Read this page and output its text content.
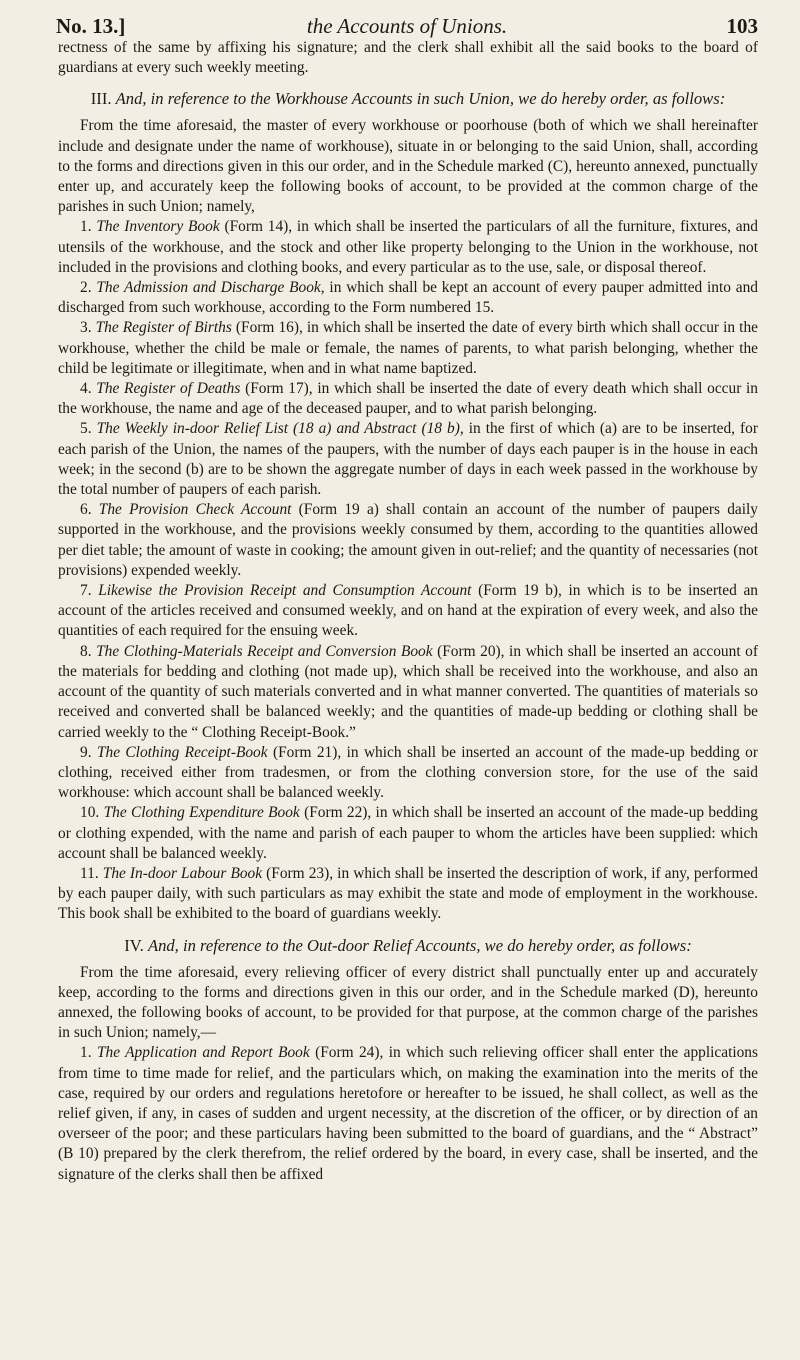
No. 13.]	the Accounts of Unions.	103

rectness of the same by affixing his signature; and the clerk shall exhibit all the said books to the board of guardians at every such weekly meeting.

III. And, in reference to the Workhouse Accounts in such Union, we do hereby order, as follows:

From the time aforesaid, the master of every workhouse or poorhouse (both of which we shall hereinafter include and designate under the name of workhouse), situate in or belonging to the said Union, shall, according to the forms and directions given in this our order, and in the Schedule marked (C), hereunto annexed, punctually enter up, and accurately keep the following books of account, to be provided at the common charge of the parishes in such Union; namely,

1. The Inventory Book (Form 14), in which shall be inserted the particulars of all the furniture, fixtures, and utensils of the workhouse, and the stock and other like property belonging to the Union in the workhouse, not included in the provisions and clothing books, and every particular as to the use, sale, or disposal thereof.

2. The Admission and Discharge Book, in which shall be kept an account of every pauper admitted into and discharged from such workhouse, according to the Form numbered 15.

3. The Register of Births (Form 16), in which shall be inserted the date of every birth which shall occur in the workhouse, whether the child be male or female, the names of parents, to what parish belonging, whether the child be legitimate or illegitimate, when and in what name baptized.

4. The Register of Deaths (Form 17), in which shall be inserted the date of every death which shall occur in the workhouse, the name and age of the deceased pauper, and to what parish belonging.

5. The Weekly in-door Relief List (18 a) and Abstract (18 b), in the first of which (a) are to be inserted, for each parish of the Union, the names of the paupers, with the number of days each pauper is in the house in each week; in the second (b) are to be shown the aggregate number of days in each week passed in the workhouse by the total number of paupers of each parish.

6. The Provision Check Account (Form 19 a) shall contain an account of the number of paupers daily supported in the workhouse, and the provisions weekly consumed by them, according to the quantities allowed per diet table; the amount of waste in cooking; the amount given in out-relief; and the quantity of necessaries (not provisions) expended weekly.

7. Likewise the Provision Receipt and Consumption Account (Form 19 b), in which is to be inserted an account of the articles received and consumed weekly, and on hand at the expiration of every week, and also the quantities of each required for the ensuing week.

8. The Clothing-Materials Receipt and Conversion Book (Form 20), in which shall be inserted an account of the materials for bedding and clothing (not made up), which shall be received into the workhouse, and also an account of the quantity of such materials converted and in what manner converted. The quantities of materials so received and converted shall be balanced weekly; and the quantities of made-up bedding or clothing shall be carried weekly to the “ Clothing Receipt-Book.”

9. The Clothing Receipt-Book (Form 21), in which shall be inserted an account of the made-up bedding or clothing, received either from tradesmen, or from the clothing conversion store, for the use of the said workhouse: which account shall be balanced weekly.

10. The Clothing Expenditure Book (Form 22), in which shall be inserted an account of the made-up bedding or clothing expended, with the name and parish of each pauper to whom the articles have been supplied: which account shall be balanced weekly.

11. The In-door Labour Book (Form 23), in which shall be inserted the description of work, if any, performed by each pauper daily, with such particulars as may exhibit the state and mode of employment in the workhouse. This book shall be exhibited to the board of guardians weekly.

IV. And, in reference to the Out-door Relief Accounts, we do hereby order, as follows:

From the time aforesaid, every relieving officer of every district shall punctually enter up and accurately keep, according to the forms and directions given in this our order, and in the Schedule marked (D), hereunto annexed, the following books of account, to be provided for that purpose, at the common charge of the parishes in such Union; namely,—

1. The Application and Report Book (Form 24), in which such relieving officer shall enter the applications from time to time made for relief, and the particulars which, on making the examination into the merits of the case, required by our orders and regulations heretofore or hereafter to be issued, he shall collect, as well as the relief given, if any, in cases of sudden and urgent necessity, at the discretion of the officer, or by direction of an overseer of the poor; and these particulars having been submitted to the board of guardians, and the “ Abstract” (B 10) prepared by the clerk therefrom, the relief ordered by the board, in every case, shall be inserted, and the signature of the clerks shall then be affixed
